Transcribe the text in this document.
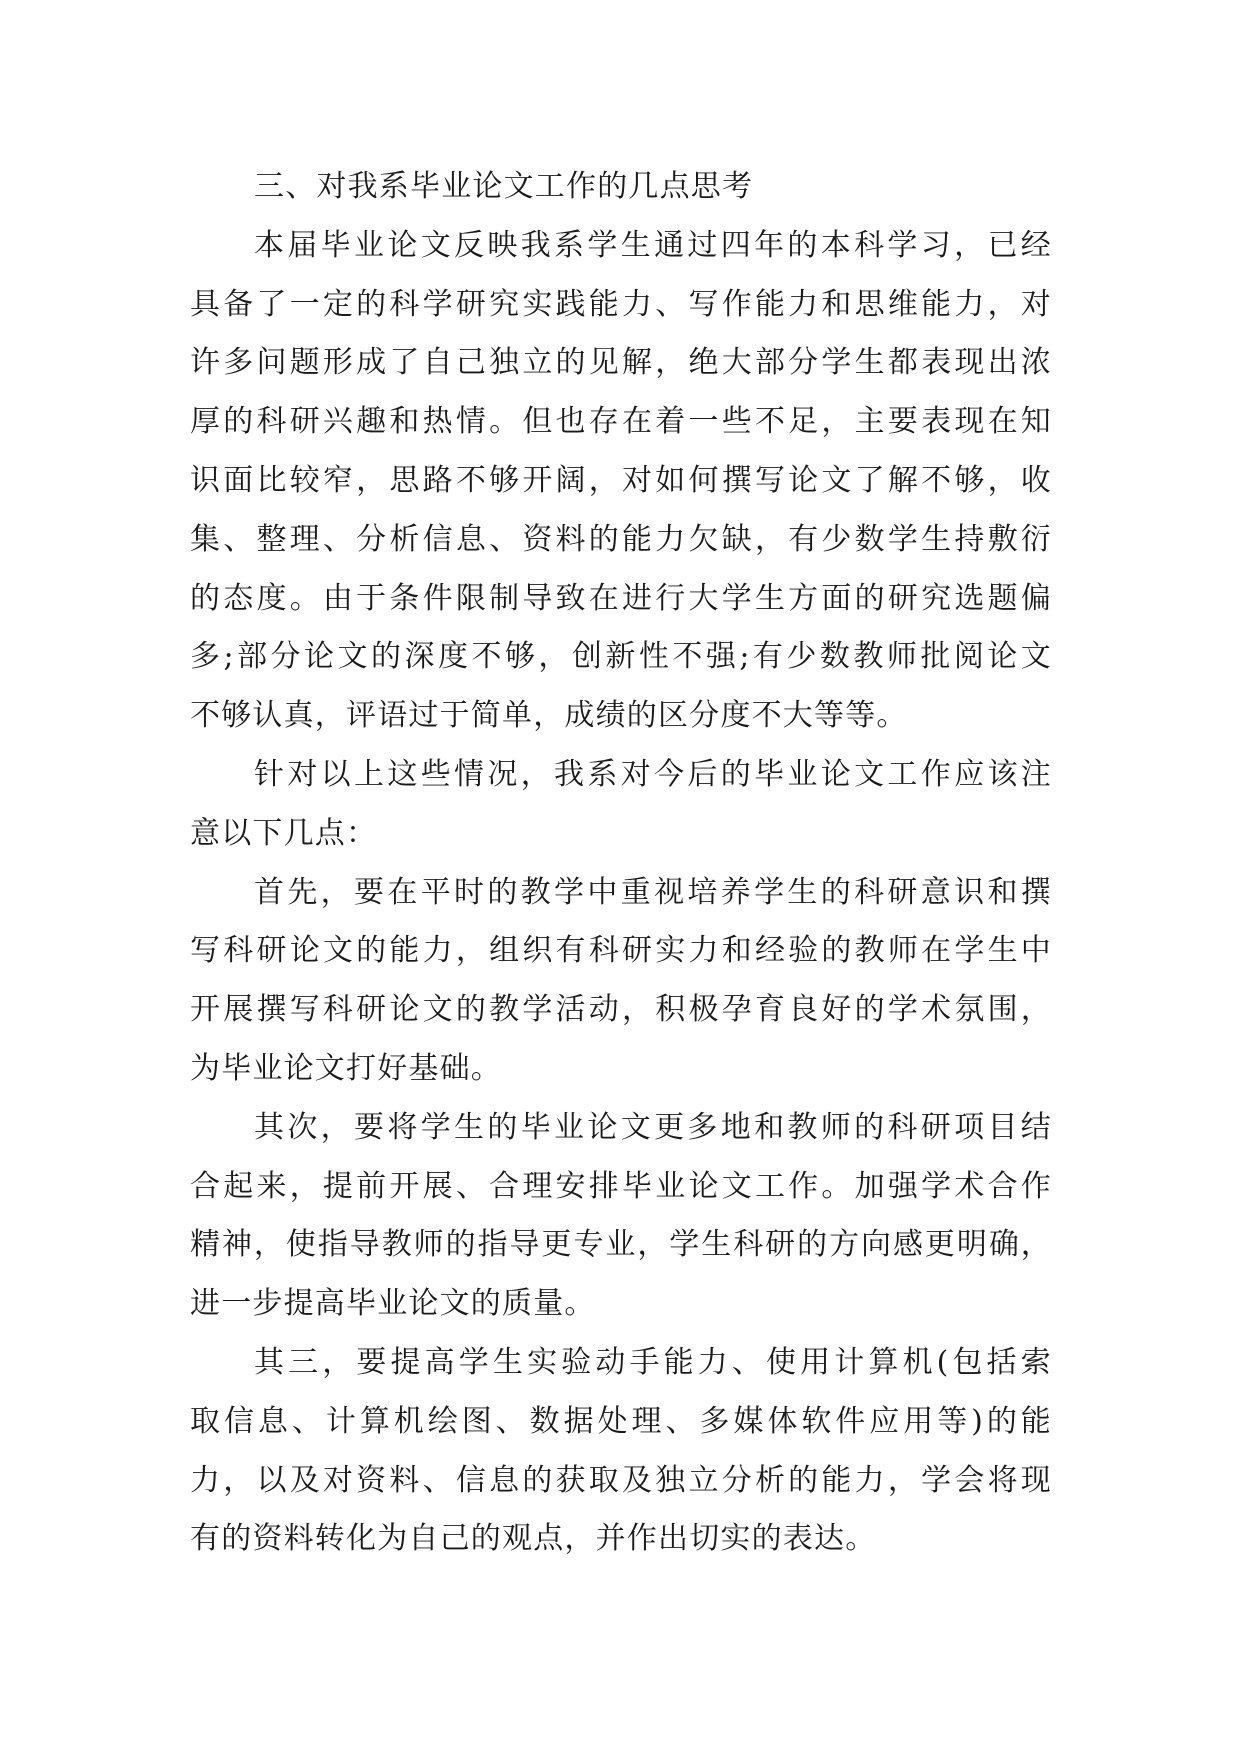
三、对我系毕业论文工作的几点思考
本届毕业论文反映我系学生通过四年的本科学习，已经
具备了一定的科学研究实践能力、写作能力和思维能力，对
许多问题形成了自己独立的见解，绝大部分学生都表现出浓
厚的科研兴趣和热情。但也存在着一些不足，主要表现在知
识面比较窄，思路不够开阔，对如何撰写论文了解不够，收
集、整理、分析信息、资料的能力欠缺，有少数学生持敷衍
的态度。由于条件限制导致在进行大学生方面的研究选题偏
多;部分论文的深度不够，创新性不强;有少数教师批阅论文
不够认真，评语过于简单，成绩的区分度不大等等。
针对以上这些情况，我系对今后的毕业论文工作应该注
意以下几点：
首先，要在平时的教学中重视培养学生的科研意识和撰
写科研论文的能力，组织有科研实力和经验的教师在学生中
开展撰写科研论文的教学活动，积极孕育良好的学术氛围，
为毕业论文打好基础。
其次，要将学生的毕业论文更多地和教师的科研项目结
合起来，提前开展、合理安排毕业论文工作。加强学术合作
精神，使指导教师的指导更专业，学生科研的方向感更明确，
进一步提高毕业论文的质量。
其三，要提高学生实验动手能力、使用计算机(包括索
取信息、计算机绘图、数据处理、多媒体软件应用等)的能
力，以及对资料、信息的获取及独立分析的能力，学会将现
有的资料转化为自己的观点，并作出切实的表达。
